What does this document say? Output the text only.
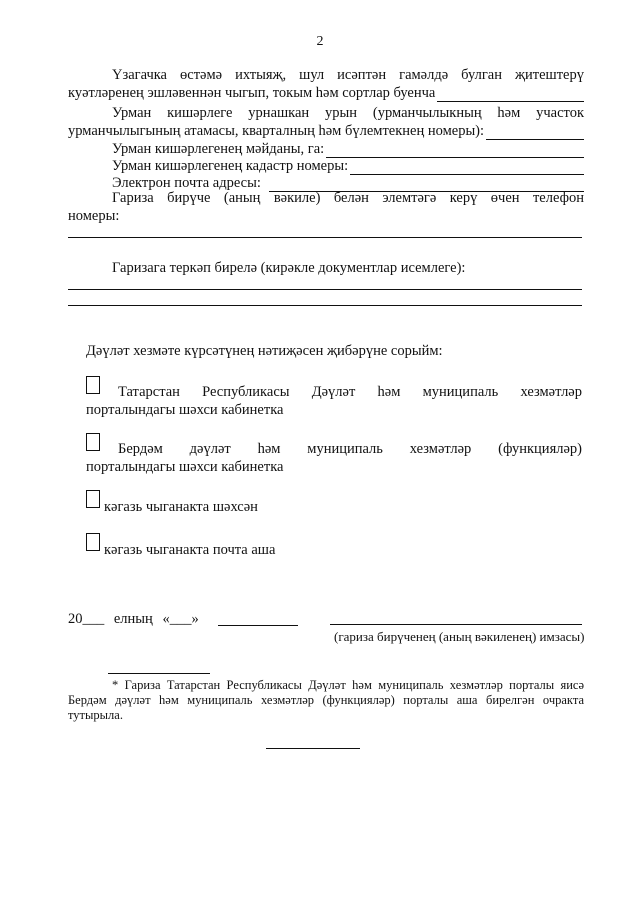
2

Үзагачка өстәмә ихтыяҗ, шул исәптән гамәлдә булган җитештерү

куәтләренең эшләвеннән чыгып, токым һәм сортлар буенча

Урман кишәрлеге урнашкан урын (урманчылыкның һәм участок

урманчылыгының атамасы, кварталның һәм бүлемтекнең номеры):
Урман кишәрлегенең мәйданы, га:
Урман кишәрлегенең кадастр номеры:
Электрон почта адресы:

Гариза бирүче (аның вәкиле) белән элемтәгә керү өчен телефон

номеры:

Гаризага теркәп бирелә (кирәкле документлар исемлеге):

Дәүләт хезмәте күрсәтүнең нәтиҗәсен җибәрүне сорыйм:

Татарстан Республикасы Дәүләт һәм муниципаль хезмәтләр

порталындагы шәхси кабинетка

Бердәм дәүләт һәм муниципаль хезмәтләр (функцияләр)

порталындагы шәхси кабинетка

кәгазь чыганакта шәхсән

кәгазь чыганакта почта аша

20___ елның «___»

(гариза бирүченең (аның вәкиленең) имзасы)

* Гариза Татарстан Республикасы Дәүләт һәм муниципаль хезмәтләр порталы яисә

Бердәм дәүләт һәм муниципаль хезмәтләр (функцияләр) порталы аша бирелгән очракта

тутырыла.
